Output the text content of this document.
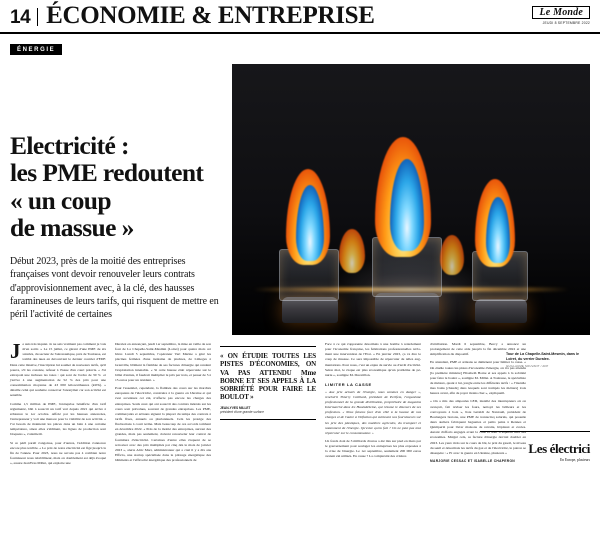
14 ÉCONOMIE & ENTREPRISE	Le Monde
JEUDI 8 SEPTEMBRE 2022
ÉNERGIE
Electricité :
les PME redoutent
« un coup
de massue »
Début 2023, près de la moitié des entreprises françaises vont devoir renouveler leurs contrats d'approvisionnement avec, à la clé, des hausses faramineuses de leurs tarifs, qui risquent de mettre en péril l'activité de certaines

Je suis très inquiet. Je ne sais vraiment pas comment je vais m'en sortir. » Le 15 juillet, ce gérant d'une PME de six salariés, du secteur de l'aéronautique, près de Toulouse, est tombé des nues en découvrant le dernier courrier d'EDF. Dans cette missive, l'inscription lui soumet de nouveaux tarifs, qu'il pourra, s'il les consiste, refuser à l'issue d'un court préavis. « J'ai extrapolé une incluses les taxes : qui sont de l'ordre de 30 % et j'arrive à une augmentation de 52 % des prix pour une consommation moyenne de 43 000 kilowattheures (kWh). » détaille celui qui souhaite conserver l'anonymat car son activité est sensible.

Comme 1,5 million de PME, l'entreprise bénéficie d'un tarif réglementé, bâti à souscrit un tarif vert depuis 2021 qui arrive à échéance le 1er octobre. Affolé par les hausses annoncées, l'entrepreneur y voit une menace pour la viabilité de son activité. « J'ai besoin de maintenir les pièces dans un bain à une certaine température, sinon elles s'abîment, les lignes de production sont bloquées », s'alarmetil.

Si ce péril paraît s'angoisse, pour d'autres, l'addition s'annonce encore plus terrible. « Le prix de notre électricité est figé jusqu'à la fin de l'année. Pour 2023, nous ne savons pas à combien notre fournisseur nous rétabliliseur, mais on doublement est déjà évoqué », assure JeanYves Millet, qui exploite une

Duralex en annonçant, jeudi 1er septembre, la mise en veille de son four de La Chapelle-Saint-Mesmin (Loiret) pour quatre mois cet hiver. Lundi 5 septembre, l'opérateur Vert Marine a géré les piscines fermées d'une trentaine de piscines, de Limoges à Granville, blâmant la flambée de ses factures d'énergie qui rendent l'exploitation intenable. « Si cette hausse était répercutée sur le billet d'entrée, il faudrait multiplier le prix par trois, et passer de 5 à 15 euros pour un résident. »

Pour l'essentiel, cependant, la flambée des cours sur les marchés européens de l'électricité, construire à la guerre en Ukraine et qui s'est accentuée cet été, n'affecte pas encore les charges des entreprises. Seuls ceux qui ont souscrit des contrats indexés sur les cours sont prévalues, souvent de grandes entreprises. Les PME, commerçants et artisans signent la plupart du temps des contrats à tarifs fixes, annuels ou pluriannuels. Cela les protège des fluctuations à court terme. Mais beaucoup de ces accords tombent en décembre 2022. « Près de la moitié des entreprises, surtout des grandes, mais pas seulement, doivent renouveler leur contrat de fourniture d'électricité. Certaines d'entre elles risquent de se retrouver avec des prix multipliés par cinq dès le mois de janvier 2023 », alerte Alric Mari, administrateur qui a créé il y a dix ans Efficia, une startup spécialisée dans le pilotage énergétique des bâtiments et l'efficacité énergétique des professionnels de

« ON ÉTUDIE TOUTES LES PISTES D'ÉCONOMIES, ON VA PAS ATTENDU Mme BORNE ET SES APPELS À LA SOBRIÉTÉ POUR FAIRE LE BOULOT »
JEAN-YVES MILLET
président d'une grande surface

Face à ce qui s'apparente désormais à une bombe à retardement pour l'économie française, les fédérations professionnelles réclament une intervention de l'Etat. « En janvier 2023, ça va être le coup de massue. Ce sera impossible de répercuter de telles augmentations. Pour nous, c'est un enjeu de survie ou d'arrêt d'activité. Selon moi, le risque est plus économique qu'un problème de pénurie », souligne M. Ducatillon.

LIMITER LA CASSE

« Aux prix actuels de l'énergie, nous sommes en danger », renchérit Thierry Cotillard, président de Perifem, l'organisme professionnel de la grande distribution, propriétaire de magasins Intermarché dans les HautsdeSeine, qui résume le discours de ses profession. « Nous faisons face d'un côté à la hausse de nos charges et de l'autre à l'inflation qui subissent nos fournisseurs sur les prix des plastiques, des matières agricoles, du transport et notamment de l'énergie. Qu'estce qu'on fait ? On ne peut pas tout répercuter sur le consommateur. »

Un fonds doté de 3 milliards d'euros a été mis sur pied en mars par le gouvernement pour soulager les entreprises les plus exposées à la crise de l'énergie. Le 1er septembre, seulement 200 000 euros avaient été utilisés. En cause ? La complexité des critères

d'attribution. Mardi 6 septembre, Bercy a annoncé un prolongement de cette aide jusqu'à la fin décembre 2022 et une simplification du dispositif.

En attendant, PME et artisans se démènent pour limiter la casse. « On étudie toutes les pistes d'économie d'énergie, on n'a pas attendu [la première ministre] Elisabeth Borne et ses appels à la sobriété pour faire le boulot », souligne M. Millet. A Toulouse, le spécialiste de métaux, quant à lui, jongle entre les différents tarifs : « J'installe mes bains [chauds] dans lesquels sont trempés les métaux] trois heures avant, afin de payer moins cher », expliquetil.

« On a mis des ampoules LED, installé des interrupteurs où on avançait, fait réviser les fours, nettoyé les brûleurs et les convoyeurs à bois », liste Géraldi de Nantouil, président de Boulangers bretons, une PME de trentecinq salariés, qui possède deux ateliers fabriquant baguettes et petits pains à Rennes et Quimperlé pour livrer maisons de retraite, hôpitaux et écoles. Autant d'efforts engagés avant la crise et dont il espérait tirer des économies. Malgré cela, sa facture d'énergie devrait doubler en 2023. Les yeux rivés sur le cours de blé, le prix du gasoil, le niveau du seuil et désormais les tarifs du gaz et de l'électricité, le patron se désespère : « Et avec la guerre en Ukraine, plusieurs »

MARJORIE CESSAC ET ISABELLE CHAPERON
Tour de La Chapelle-Saint-Mesmin, dans le Loiret, du verrier Duralex.
GUILLAUME SOUVANT / AFP
Les électrici
En Europe, plusieurs
